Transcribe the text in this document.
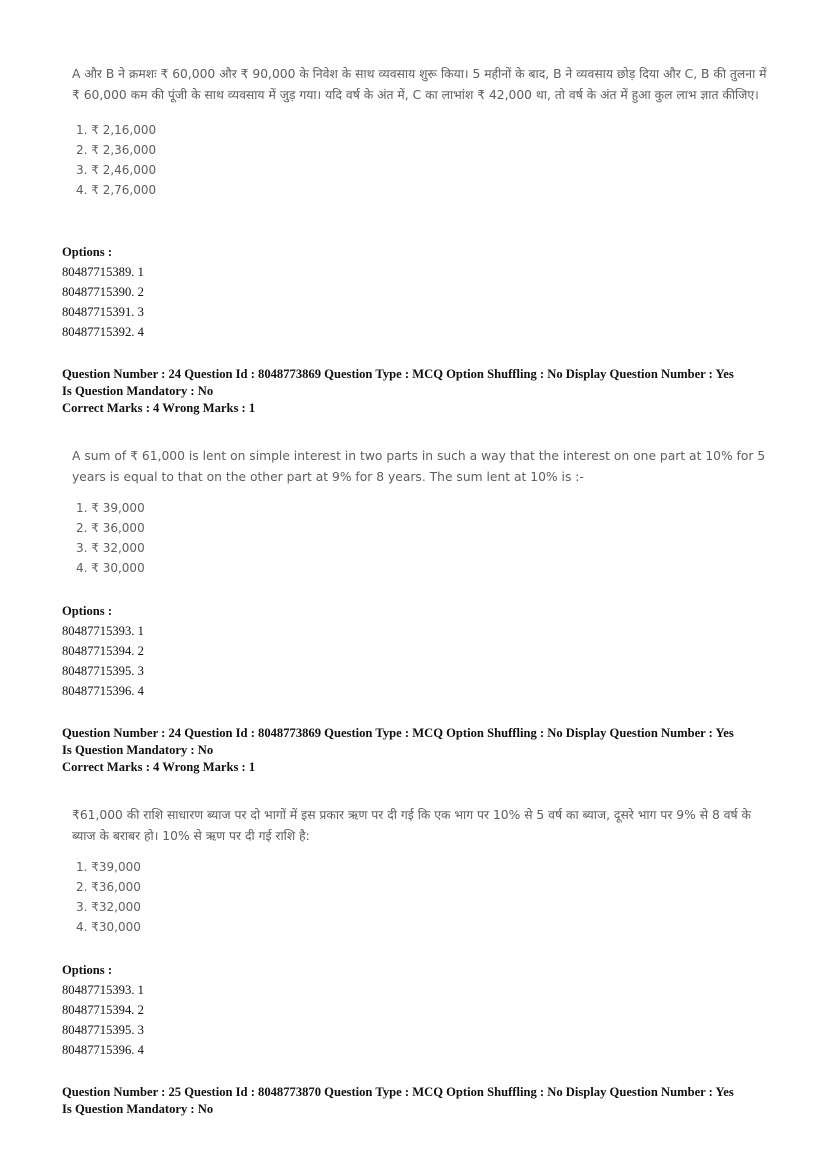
A और B ने क्रमशः ₹ 60,000 और ₹ 90,000 के निवेश के साथ व्यवसाय शुरू किया। 5 महीनों के बाद, B ने व्यवसाय छोड़ दिया और C, B की तुलना में ₹ 60,000 कम की पूंजी के साथ व्यवसाय में जुड़ गया। यदि वर्ष के अंत में, C का लाभांश ₹ 42,000 था, तो वर्ष के अंत में हुआ कुल लाभ ज्ञात कीजिए।

1. ₹ 2,16,000
2. ₹ 2,36,000
3. ₹ 2,46,000
4. ₹ 2,76,000
Options :
80487715389. 1
80487715390. 2
80487715391. 3
80487715392. 4
Question Number : 24 Question Id : 8048773869 Question Type : MCQ Option Shuffling : No Display Question Number : Yes
Is Question Mandatory : No
Correct Marks : 4 Wrong Marks : 1

A sum of ₹ 61,000 is lent on simple interest in two parts in such a way that the interest on one part at 10% for 5 years is equal to that on the other part at 9% for 8 years. The sum lent at 10% is :-

1. ₹ 39,000
2. ₹ 36,000
3. ₹ 32,000
4. ₹ 30,000
Options :
80487715393. 1
80487715394. 2
80487715395. 3
80487715396. 4
Question Number : 24 Question Id : 8048773869 Question Type : MCQ Option Shuffling : No Display Question Number : Yes
Is Question Mandatory : No
Correct Marks : 4 Wrong Marks : 1

₹61,000 की राशि साधारण ब्याज पर दो भागों में इस प्रकार ऋण पर दी गई कि एक भाग पर 10% से 5 वर्ष का ब्याज, दूसरे भाग पर 9% से 8 वर्ष के ब्याज के बराबर हो। 10% से ऋण पर दी गई राशि है:

1. ₹39,000
2. ₹36,000
3. ₹32,000
4. ₹30,000
Options :
80487715393. 1
80487715394. 2
80487715395. 3
80487715396. 4
Question Number : 25 Question Id : 8048773870 Question Type : MCQ Option Shuffling : No Display Question Number : Yes
Is Question Mandatory : No
